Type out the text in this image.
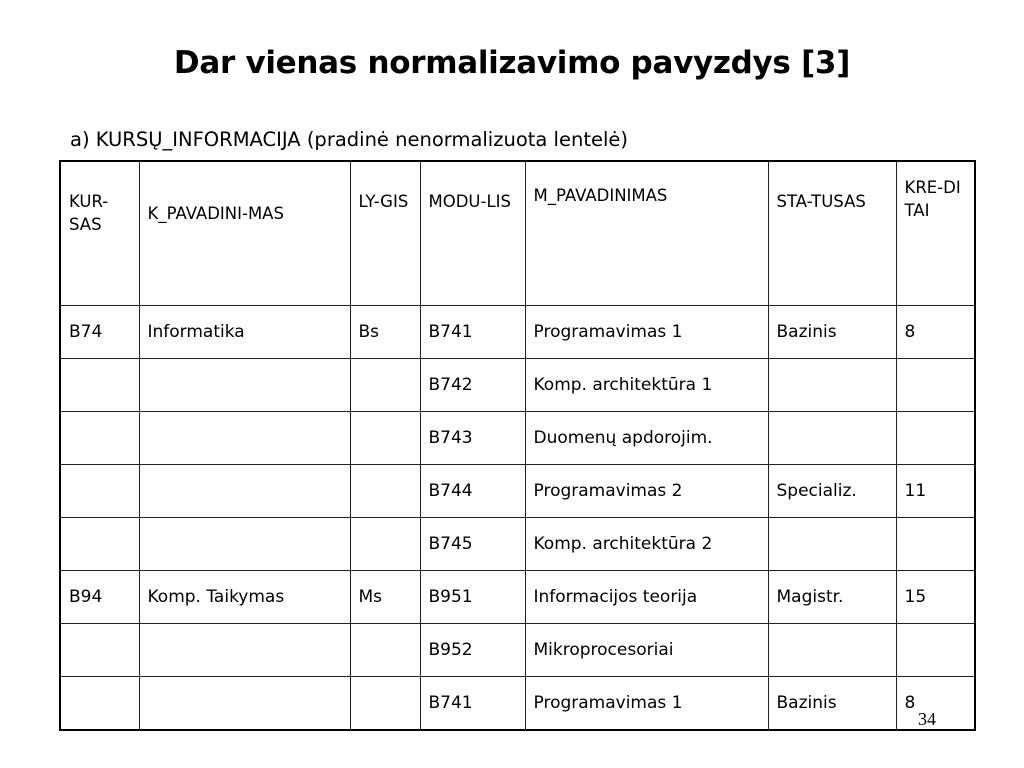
Dar vienas normalizavimo pavyzdys [3]
a) KURSŲ_INFORMACIJA (pradinė nenormalizuota lentelė)
KUR-SAS	K_PAVADINI-MAS	LY-GIS	MODU-LIS	M_PAVADINIMAS	STA-TUSAS	KRE-DITAI
B74	Informatika	Bs	B741	Programavimas 1	Bazinis	8
			B742	Komp. architektūra 1		
			B743	Duomenų apdorojim.		
			B744	Programavimas 2	Specializ.	11
			B745	Komp. architektūra 2		
B94	Komp. Taikymas	Ms	B951	Informacijos teorija	Magistr.	15
			B952	Mikroprocesoriai		
			B741	Programavimas 1	Bazinis	8
34
